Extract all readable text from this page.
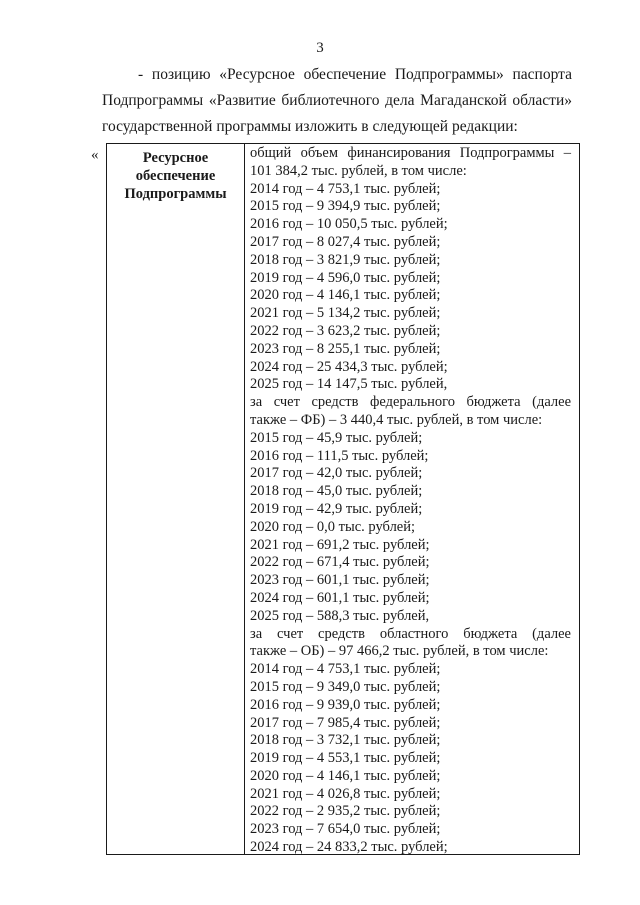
3
- позицию «Ресурсное обеспечение Подпрограммы» паспорта
Подпрограммы «Развитие библиотечного дела Магаданской области»
государственной программы изложить в следующей редакции:
«	Ресурсное обеспечение Подпрограммы
общий объем финансирования Подпрограммы –
101 384,2 тыс. рублей, в том числе:
2014 год – 4 753,1 тыс. рублей;
2015 год – 9 394,9 тыс. рублей;
2016 год – 10 050,5 тыс. рублей;
2017 год – 8 027,4 тыс. рублей;
2018 год – 3 821,9 тыс. рублей;
2019 год – 4 596,0 тыс. рублей;
2020 год – 4 146,1 тыс. рублей;
2021 год – 5 134,2 тыс. рублей;
2022 год – 3 623,2 тыс. рублей;
2023 год – 8 255,1 тыс. рублей;
2024 год – 25 434,3 тыс. рублей;
2025 год – 14 147,5 тыс. рублей,
за счет средств федерального бюджета (далее
также – ФБ) – 3 440,4 тыс. рублей, в том числе:
2015 год – 45,9 тыс. рублей;
2016 год – 111,5 тыс. рублей;
2017 год – 42,0 тыс. рублей;
2018 год – 45,0 тыс. рублей;
2019 год – 42,9 тыс. рублей;
2020 год – 0,0 тыс. рублей;
2021 год – 691,2 тыс. рублей;
2022 год – 671,4 тыс. рублей;
2023 год – 601,1 тыс. рублей;
2024 год – 601,1 тыс. рублей;
2025 год – 588,3 тыс. рублей,
за счет средств областного бюджета (далее
также – ОБ) – 97 466,2 тыс. рублей, в том числе:
2014 год – 4 753,1 тыс. рублей;
2015 год – 9 349,0 тыс. рублей;
2016 год – 9 939,0 тыс. рублей;
2017 год – 7 985,4 тыс. рублей;
2018 год – 3 732,1 тыс. рублей;
2019 год – 4 553,1 тыс. рублей;
2020 год – 4 146,1 тыс. рублей;
2021 год – 4 026,8 тыс. рублей;
2022 год – 2 935,2 тыс. рублей;
2023 год – 7 654,0 тыс. рублей;
2024 год – 24 833,2 тыс. рублей;
